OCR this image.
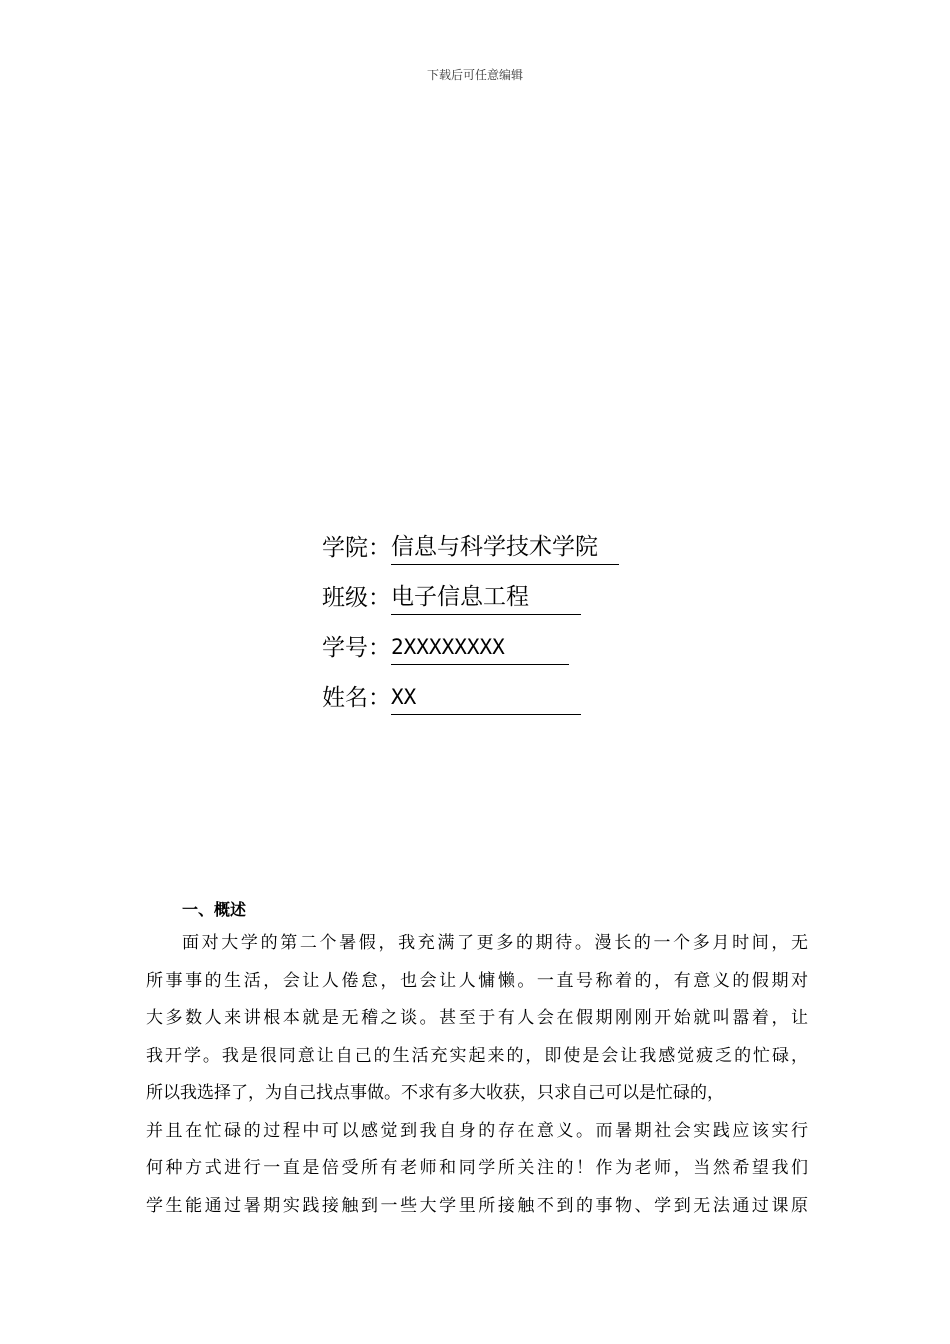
下载后可任意编辑
学院： 信息与科学技术学院
班级： 电子信息工程
学号： 2XXXXXXXX
姓名： XX
一、概述
面对大学的第二个暑假，我充满了更多的期待。漫长的一个多月时间，无
所事事的生活，会让人倦怠，也会让人慵懒。一直号称着的，有意义的假期对
大多数人来讲根本就是无稽之谈。甚至于有人会在假期刚刚开始就叫嚣着，让
我开学。我是很同意让自己的生活充实起来的，即使是会让我感觉疲乏的忙碌，
所以我选择了，为自己找点事做。不求有多大收获，只求自己可以是忙碌的，
并且在忙碌的过程中可以感觉到我自身的存在意义。而暑期社会实践应该实行
何种方式进行一直是倍受所有老师和同学所关注的！作为老师，当然希望我们
学生能通过暑期实践接触到一些大学里所接触不到的事物、学到无法通过课原
